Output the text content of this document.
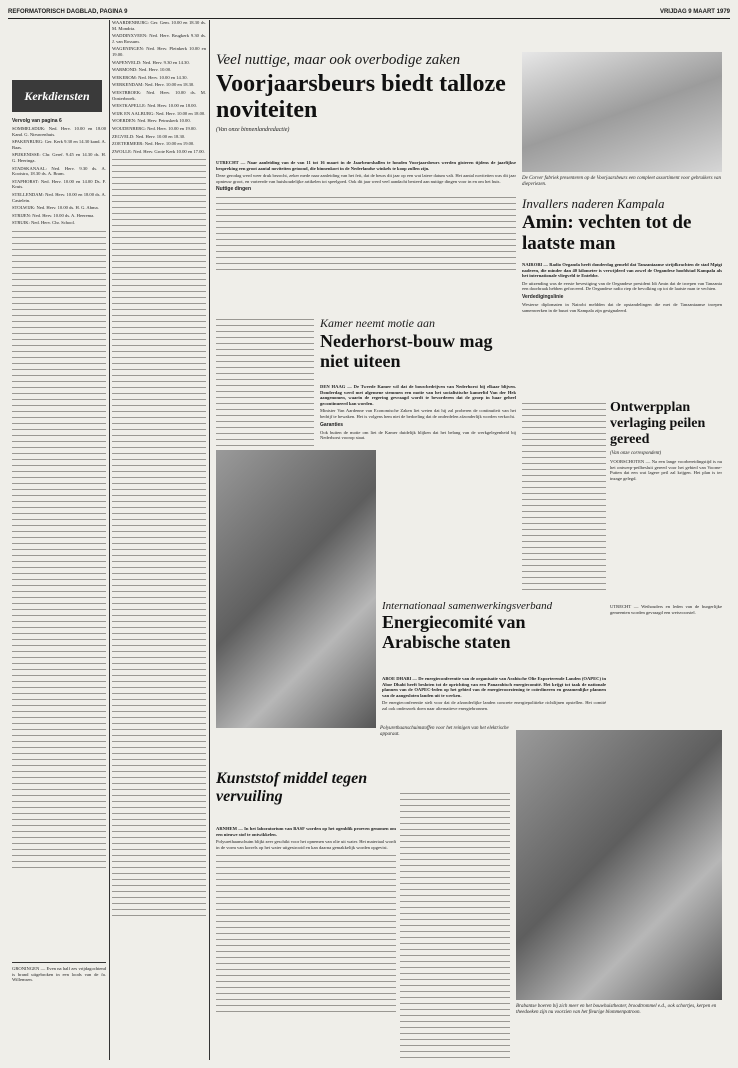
REFORMATORISCH DAGBLAD, PAGINA 9	VRIJDAG 9 MAART 1979
Kerkdiensten
Vervolg van pagina 6

SOMMELSDIJK: Ned. Herv. 10.00 en 18.00 Kand. G. Nieuwenhuis.

SPAKENBURG: Ger. Kerk 9.30 en 14.30 kand. A. Baas.

SPIJKENISSE: Chr. Geref. 9.45 en 14.30 ds. H. G. Heeringa.

STADSKANAAL: Ned. Herv. 9.30 ds. A. Kooistra, 18.30 ds. A. Bram.

STAPHORST: Ned. Herv. 10.00 en 14.00 Ds. F. Kruis.

STELLENDAM: Ned. Herv. 10.00 en 18.00 ds. A. Castelein.

STOLWIJK: Ned. Herv. 10.00 ds. H. G. Abma.

STRIJEN: Ned. Herv. 10.00 ds. A. Heerema.

STRUIK: Ned. Herv. Chr. School.

GRONINGEN — Even na half zes vrijdagochtend is brand uitgebroken in een loods van de fa. Willemsen.

WAARDENBURG: Ger. Gem. 10.00 en 18.30 ds. M. Mondria.

WADDINXVEEN: Ned. Herv. Brugkerk 9.30 ds. J. van Rossum.

WAGENINGEN: Ned. Herv. Pleinkerk 10.00 en 19.00.

WAPENVELD: Ned. Herv. 9.30 en 14.30.

WARMOND: Ned. Herv. 10.00.

WEKEROM: Ned. Herv. 10.00 en 14.30.

WERKENDAM: Ned. Herv. 10.00 en 18.30.

WESTBROEK: Ned. Herv. 10.00 ds. M. Oosterbroek.

WESTKAPELLE: Ned. Herv. 10.00 en 18.00.

WIJK EN AALBURG: Ned. Herv. 10.00 en 18.00.

WOERDEN: Ned. Herv. Petruskerk 10.00.

WOUDENBERG: Ned. Herv. 10.00 en 19.00.

ZEGVELD: Ned. Herv. 10.00 en 18.30.

ZOETERMEER: Ned. Herv. 10.00 en 19.00.

ZWOLLE: Ned. Herv. Grote Kerk 10.00 en 17.00.

Veel nuttige, maar ook overbodige zaken
Voorjaarsbeurs biedt talloze noviteiten
(Van onze binnenlandredactie)

UTRECHT — Naar aanleiding van de van 11 tot 16 maart in de Jaarbeurshallen te houden Voorjaarsbeurs werden gisteren tijdens de jaarlijkse bespreking een groot aantal noviteiten getoond, die binnenkort in de Nederlandse winkels te koop zullen zijn.

Deze gerodag werd weer druk bezocht, zeker mede naar aanleiding van het feit, dat de beurs dit jaar op een wat latere datum valt. Het aantal noviteiten was dit jaar opnieuw groot, en varieerde van huishoudelijke artikelen tot speelgoed. Ook dit jaar werd veel aandacht besteed aan nuttige dingen voor in en om het huis.

Nuttige dingen
De Corver fabriek presenteren op de Voorjaarsbeurs een compleet assortiment voor gebruikers van diepvriezen.
Invallers naderen Kampala
Amin: vechten tot de laatste man

NAIROBI — Radio Oeganda heeft donderdag gemeld dat Tanzaniaanse strijdkrachten de stad Mpigi naderen, die minder dan 40 kilometer is verwijderd van zowel de Oegandese hoofdstad Kampala als het internationale vliegveld te Entebbe.

De uitzending was de eerste bevestiging van de Oegandese president Idi Amin dat de troepen van Tanzania een doorbraak hebben geforceerd. De Oegandese radio riep de bevolking op tot de laatste man te vechten.

Verdedigingslinie

Westerse diplomaten in Nairobi meldden dat de opstandelingen die met de Tanzaniaanse troepen samenwerken in de buurt van Kampala zijn gesignaleerd.

Kamer neemt motie aan
Nederhorst-bouw mag niet uiteen

DEN HAAG — De Tweede Kamer wil dat de bouwbedrijven van Nederhorst bij elkaar blijven. Donderdag werd met algemene stemmen een motie van het socialistische kamerlid Van der Hek aangenomen, waarin de regering gevraagd wordt te bevorderen dat de groep in haar geheel gecontinueerd kan worden.

Minister Van Aardenne van Economische Zaken liet weten dat hij zal proberen de continuïteit van het bedrijf te bewaken. Het is volgens hem niet de bedoeling dat de onderdelen afzonderlijk worden verkocht.

Garanties

Ook buiten de motie om liet de Kamer duidelijk blijken dat het belang van de werkgelegenheid bij Nederhorst voorop staat.

Polyurethaanschuimstoffen voor het reinigen van het elektrische apparaat.
Ontwerpplan verlaging peilen gereed
(Van onze correspondent)

VOORSCHOTEN — Na een lange voorbereidingstijd is nu het ontwerp-peilbesluit gereed voor het gebied van Voorne-Putten dat een wat lagere peil zal krijgen. Het plan is ter inzage gelegd.

UTRECHT — Wethouders en leden van de burgerlijke gemeenten worden gevraagd een wetsvoorstel.

Internationaal samenwerkingsverband
Energiecomité van Arabische staten

ABOE DHABI — De energieconferentie van de organisatie van Arabische Olie Exporterende Landen (OAPEC) in Aboe Dhabi heeft besloten tot de oprichting van een Panarabisch energiecomité. Het krijgt tot taak de nationale plannen van de OAPEC-leden op het gebied van de energievoorziening te coördineren en gezamenlijke plannen van de aangesloten landen uit te werken.

De energieconferentie stelt voor dat de afzonderlijke landen concrete energiepolitieke richtlijnen opstellen. Het comité zal ook onderzoek doen naar alternatieve energiebronnen.

Kunststof middel tegen vervuiling

ARNHEM — In het laboratorium van BASF worden op het ogenblik proeven genomen om een nieuwe stof te ontwikkelen.

Polyurethaanschuim blijkt zeer geschikt voor het opnemen van olie uit water. Het materiaal wordt in de vorm van korrels op het water uitgestrooid en kan daarna gemakkelijk worden opgevist.

Brabantse boeren bij zich meer en het bouwhuistheater, broodtrommel e.d., ook schortjes, kerpen en theedoeken zijn nu voorzien van het fleurige blommenpatroon.
